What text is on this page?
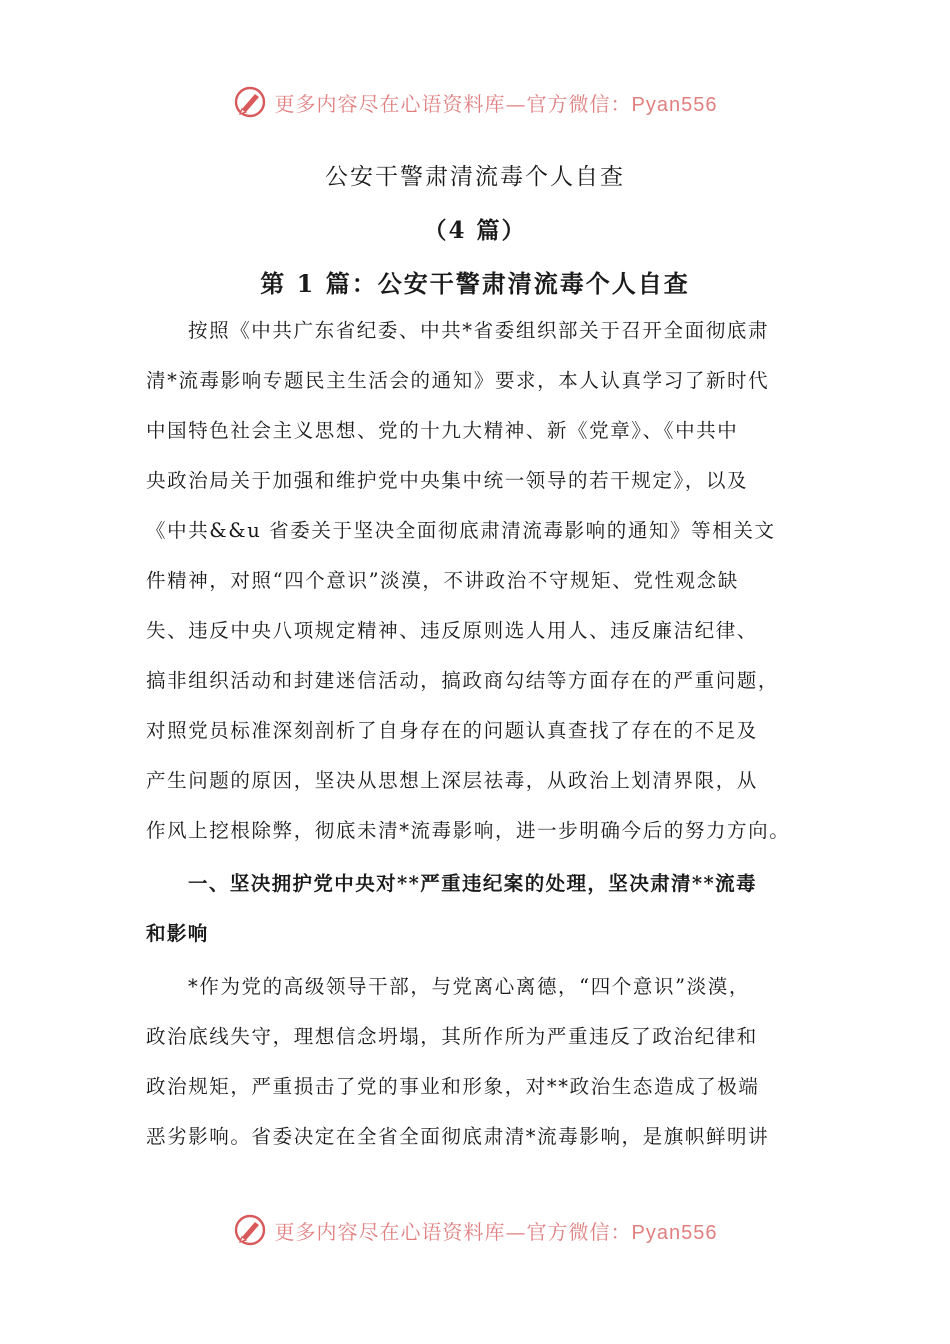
更多内容尽在心语资料库—官方微信：Pyan556
公安干警肃清流毒个人自查
（4 篇）
第 1 篇：公安干警肃清流毒个人自查
按照《中共广东省纪委、中共*省委组织部关于召开全面彻底肃
清*流毒影响专题民主生活会的通知》要求，本人认真学习了新时代
中国特色社会主义思想、党的十九大精神、新《党章》、《中共中
央政治局关于加强和维护党中央集中统一领导的若干规定》，以及
《中共&&u 省委关于坚决全面彻底肃清流毒影响的通知》等相关文
件精神，对照“四个意识”淡漠，不讲政治不守规矩、党性观念缺
失、违反中央八项规定精神、违反原则选人用人、违反廉洁纪律、
搞非组织活动和封建迷信活动，搞政商勾结等方面存在的严重问题，
对照党员标准深刻剖析了自身存在的问题认真查找了存在的不足及
产生问题的原因，坚决从思想上深层祛毒，从政治上划清界限，从
作风上挖根除弊，彻底未清*流毒影响，进一步明确今后的努力方向。
一、坚决拥护党中央对**严重违纪案的处理，坚决肃清**流毒
和影响
*作为党的高级领导干部，与党离心离德，“四个意识”淡漠，
政治底线失守，理想信念坍塌，其所作所为严重违反了政治纪律和
政治规矩，严重损击了党的事业和形象，对**政治生态造成了极端
恶劣影响。省委决定在全省全面彻底肃清*流毒影响，是旗帜鲜明讲
更多内容尽在心语资料库—官方微信：Pyan556
